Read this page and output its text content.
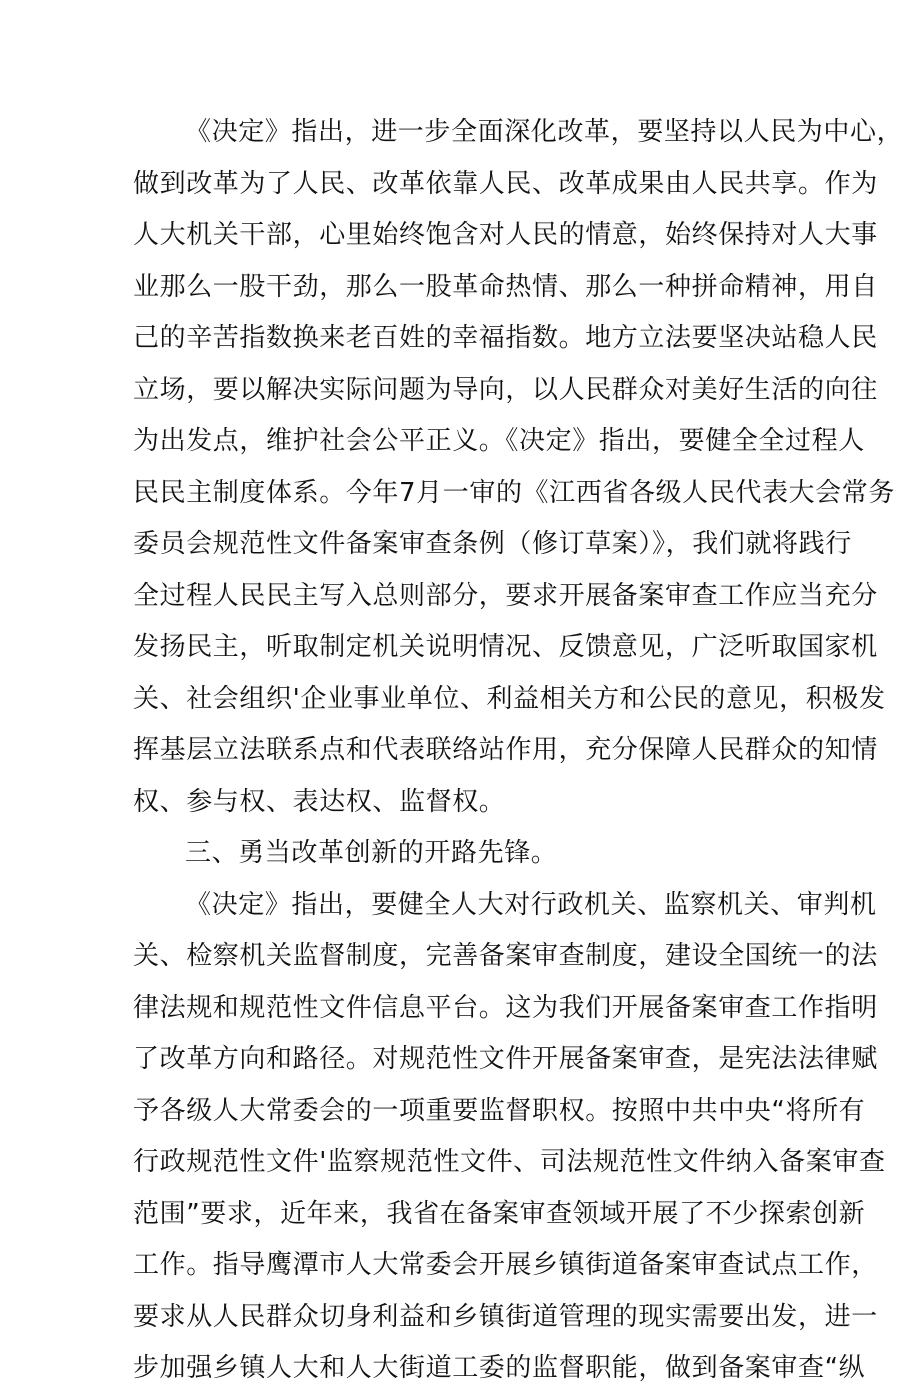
《决定》指出，进一步全面深化改革，要坚持以人民为中心，
做到改革为了人民、改革依靠人民、改革成果由人民共享。作为
人大机关干部，心里始终饱含对人民的情意，始终保持对人大事
业那么一股干劲，那么一股革命热情、那么一种拼命精神，用自
己的辛苦指数换来老百姓的幸福指数。地方立法要坚决站稳人民
立场，要以解决实际问题为导向，以人民群众对美好生活的向往
为出发点，维护社会公平正义。《决定》指出，要健全全过程人
民民主制度体系。今年7月一审的《江西省各级人民代表大会常务
委员会规范性文件备案审查条例（修订草案）》，我们就将践行
全过程人民民主写入总则部分，要求开展备案审查工作应当充分
发扬民主，听取制定机关说明情况、反馈意见，广泛听取国家机
关、社会组织'企业事业单位、利益相关方和公民的意见，积极发
挥基层立法联系点和代表联络站作用，充分保障人民群众的知情
权、参与权、表达权、监督权。
三、勇当改革创新的开路先锋。
《决定》指出，要健全人大对行政机关、监察机关、审判机
关、检察机关监督制度，完善备案审查制度，建设全国统一的法
律法规和规范性文件信息平台。这为我们开展备案审查工作指明
了改革方向和路径。对规范性文件开展备案审查，是宪法法律赋
予各级人大常委会的一项重要监督职权。按照中共中央“将所有
行政规范性文件'监察规范性文件、司法规范性文件纳入备案审查
范围”要求，近年来，我省在备案审查领域开展了不少探索创新
工作。指导鹰潭市人大常委会开展乡镇街道备案审查试点工作，
要求从人民群众切身利益和乡镇街道管理的现实需要出发，进一
步加强乡镇人大和人大街道工委的监督职能，做到备案审查“纵
